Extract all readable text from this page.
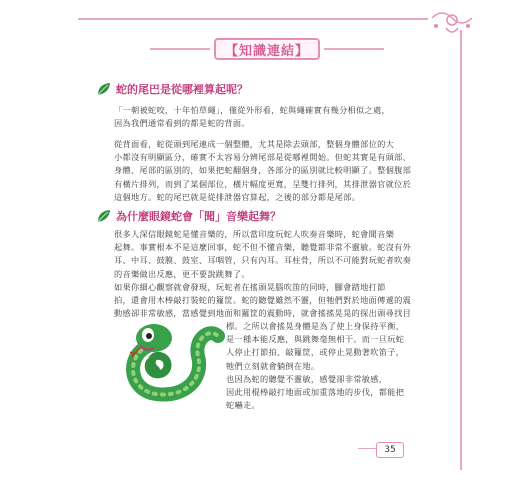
【知識連結】
蛇的尾巴是從哪裡算起呢？
「一朝被蛇咬，十年怕草繩」，僅從外形看，蛇與繩確實有幾分相似之處，
因為我們通常看到的都是蛇的背面。
從背面看，蛇從頭到尾連成一個整體，尤其是除去頭部，整個身體部位的大
小都沒有明顯區分，確實不太容易分辨尾部是從哪裡開始。但蛇其實是有頭部、
身體、尾部的區別的，如果把蛇翻個身，各部分的區別就比較明顯了。整個腹部
有橫片排列，而到了某個部位，橫片幅度更寬，呈雙行排列，其排泄器官就位於
這個地方。蛇的尾巴就是從排泄器官算起，之後的部分都是尾部。
為什麼眼鏡蛇會「聞」音樂起舞？
很多人深信眼鏡蛇是懂音樂的，所以當印度玩蛇人吹奏音樂時，蛇會聞音樂
起舞。事實根本不是這麼回事，蛇不但不懂音樂，聽覺都非常不靈敏。蛇沒有外
耳、中耳、鼓膜、鼓室、耳咽管，只有內耳。耳柱骨，所以不可能對玩蛇者吹奏
的音樂做出反應，更不要說跳舞了。
如果你細心觀察就會發現，玩蛇者在搖頭晃腦吹笛的同時，腳會踏地打節
拍，還會用木棒敲打裝蛇的籮筐。蛇的聽覺雖然不靈，但牠們對於地面傳遞的震
動感卻非常敏感，當感覺到地面和籮筐的震動時，就會搖搖晃晃的探出頭尋找目
標。之所以會搖晃身體是為了使上身保持平衡，
是一種本能反應，與跳舞毫無相干。而一旦玩蛇
人停止打節拍、敲籮筐，或停止晃動著吹笛子，
牠們立刻就會躺倒在地。
也因為蛇的聽覺不靈敏，感覺卻非常敏感，
因此用棍棒敲打地面或加重落地的步伐，都能把
蛇嚇走。
35
